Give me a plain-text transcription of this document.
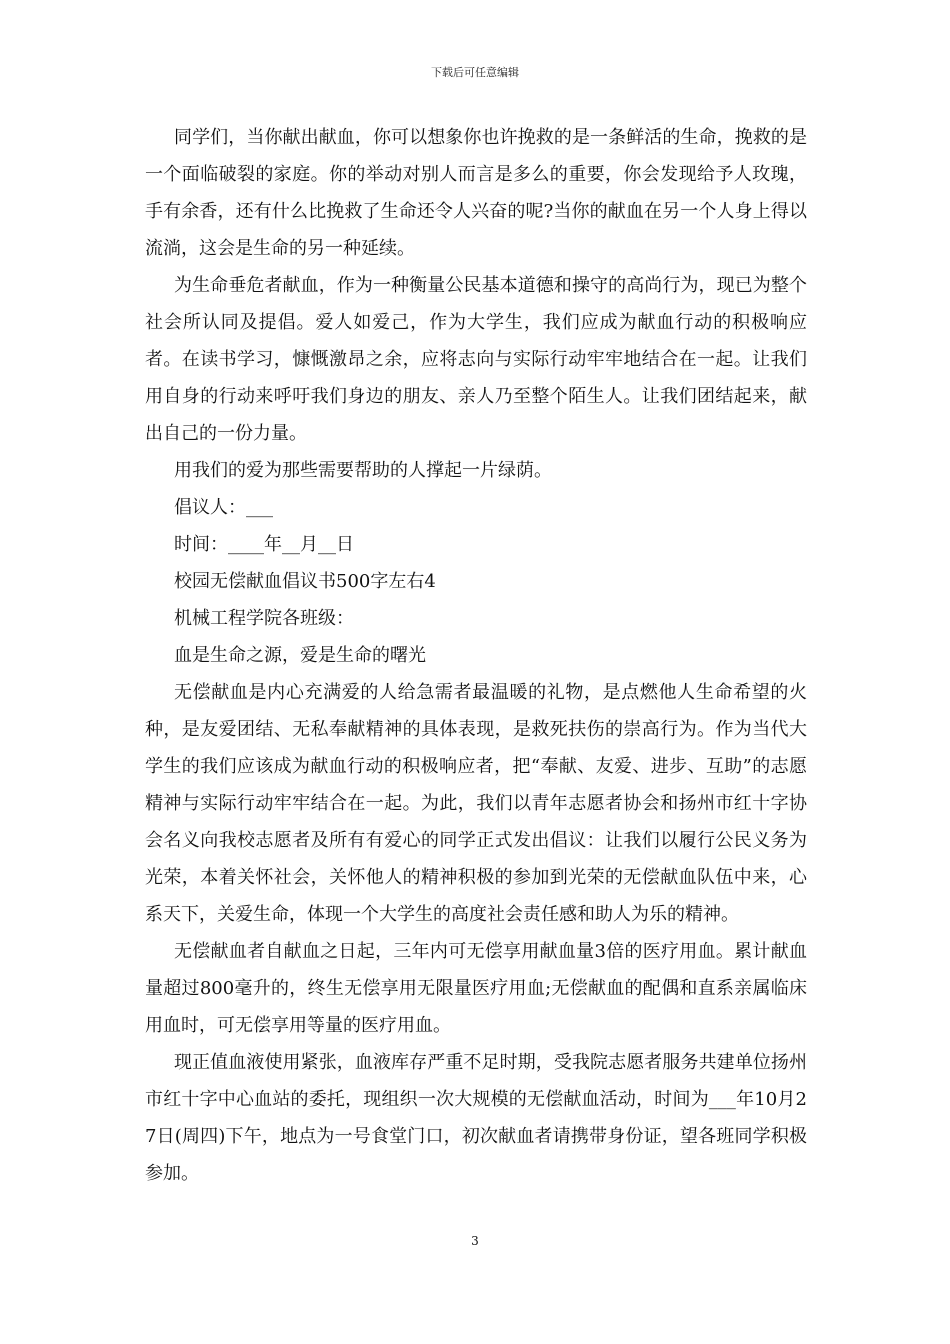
下载后可任意编辑

同学们，当你献出献血，你可以想象你也许挽救的是一条鲜活的生命，挽救的是一个面临破裂的家庭。你的举动对别人而言是多么的重要，你会发现给予人玫瑰，手有余香，还有什么比挽救了生命还令人兴奋的呢?当你的献血在另一个人身上得以流淌，这会是生命的另一种延续。

为生命垂危者献血，作为一种衡量公民基本道德和操守的高尚行为，现已为整个社会所认同及提倡。爱人如爱己，作为大学生，我们应成为献血行动的积极响应者。在读书学习，慷慨激昂之余，应将志向与实际行动牢牢地结合在一起。让我们用自身的行动来呼吁我们身边的朋友、亲人乃至整个陌生人。让我们团结起来，献出自己的一份力量。

用我们的爱为那些需要帮助的人撑起一片绿荫。

倡议人：___

时间：____年__月__日

校园无偿献血倡议书500字左右4

机械工程学院各班级：

血是生命之源，爱是生命的曙光

无偿献血是内心充满爱的人给急需者最温暖的礼物，是点燃他人生命希望的火种，是友爱团结、无私奉献精神的具体表现，是救死扶伤的崇高行为。作为当代大学生的我们应该成为献血行动的积极响应者，把“奉献、友爱、进步、互助”的志愿精神与实际行动牢牢结合在一起。为此，我们以青年志愿者协会和扬州市红十字协会名义向我校志愿者及所有有爱心的同学正式发出倡议：让我们以履行公民义务为光荣，本着关怀社会，关怀他人的精神积极的参加到光荣的无偿献血队伍中来，心系天下，关爱生命，体现一个大学生的高度社会责任感和助人为乐的精神。

无偿献血者自献血之日起，三年内可无偿享用献血量3倍的医疗用血。累计献血量超过800毫升的，终生无偿享用无限量医疗用血;无偿献血的配偶和直系亲属临床用血时，可无偿享用等量的医疗用血。

现正值血液使用紧张，血液库存严重不足时期，受我院志愿者服务共建单位扬州市红十字中心血站的委托，现组织一次大规模的无偿献血活动，时间为___年10月27日(周四)下午，地点为一号食堂门口，初次献血者请携带身份证，望各班同学积极参加。

3
